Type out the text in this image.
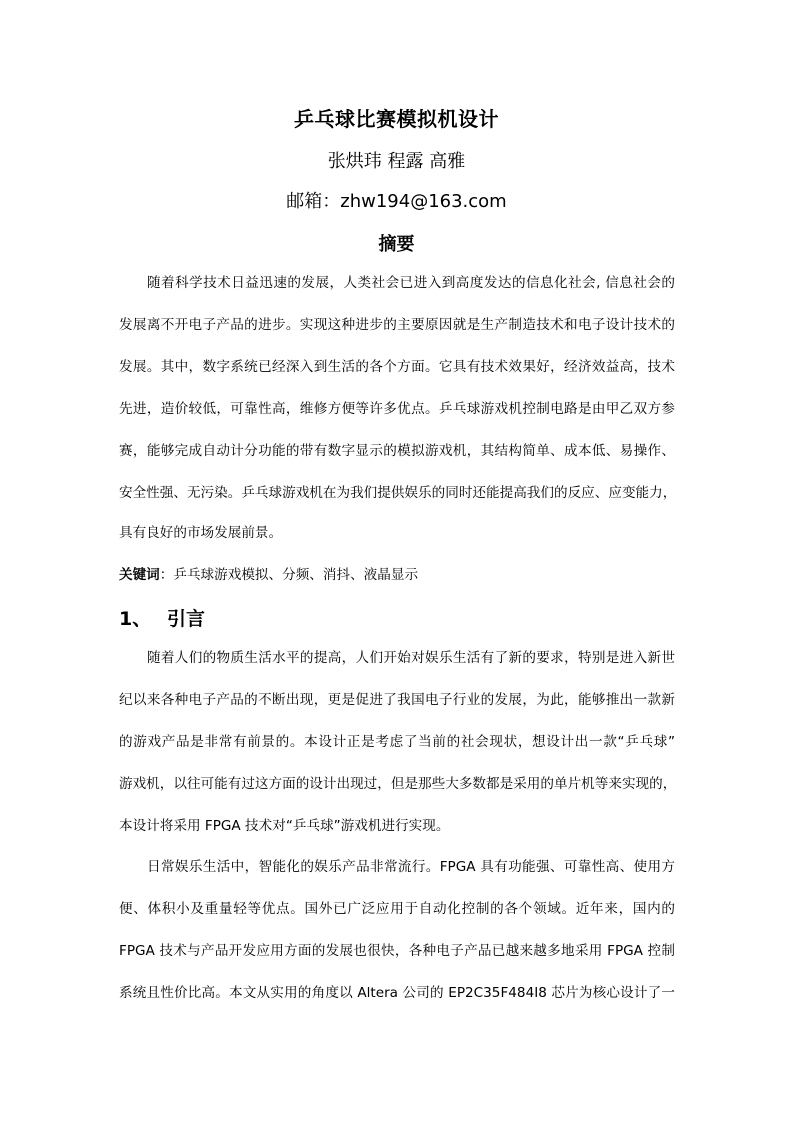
乒乓球比赛模拟机设计
张烘玮 程露 高雅
邮箱：zhw194@163.com
摘要
随着科学技术日益迅速的发展，人类社会已进入到高度发达的信息化社会, 信息社会的
发展离不开电子产品的进步。实现这种进步的主要原因就是生产制造技术和电子设计技术的
发展。其中，数字系统已经深入到生活的各个方面。它具有技术效果好，经济效益高，技术
先进，造价较低，可靠性高，维修方便等许多优点。乒乓球游戏机控制电路是由甲乙双方参
赛，能够完成自动计分功能的带有数字显示的模拟游戏机，其结构简单、成本低、易操作、
安全性强、无污染。乒乓球游戏机在为我们提供娱乐的同时还能提高我们的反应、应变能力，
具有良好的市场发展前景。
关键词：乒乓球游戏模拟、分频、消抖、液晶显示
1、 引言
随着人们的物质生活水平的提高，人们开始对娱乐生活有了新的要求，特别是进入新世
纪以来各种电子产品的不断出现，更是促进了我国电子行业的发展，为此，能够推出一款新
的游戏产品是非常有前景的。本设计正是考虑了当前的社会现状，想设计出一款“乒乓球”
游戏机，以往可能有过这方面的设计出现过，但是那些大多数都是采用的单片机等来实现的，
本设计将采用 FPGA 技术对“乒乓球”游戏机进行实现。
日常娱乐生活中，智能化的娱乐产品非常流行。FPGA 具有功能强、可靠性高、使用方
便、体积小及重量轻等优点。国外已广泛应用于自动化控制的各个领域。近年来，国内的
FPGA 技术与产品开发应用方面的发展也很快，各种电子产品已越来越多地采用 FPGA 控制
系统且性价比高。本文从实用的角度以 Altera 公司的 EP2C35F484I8 芯片为核心设计了一
